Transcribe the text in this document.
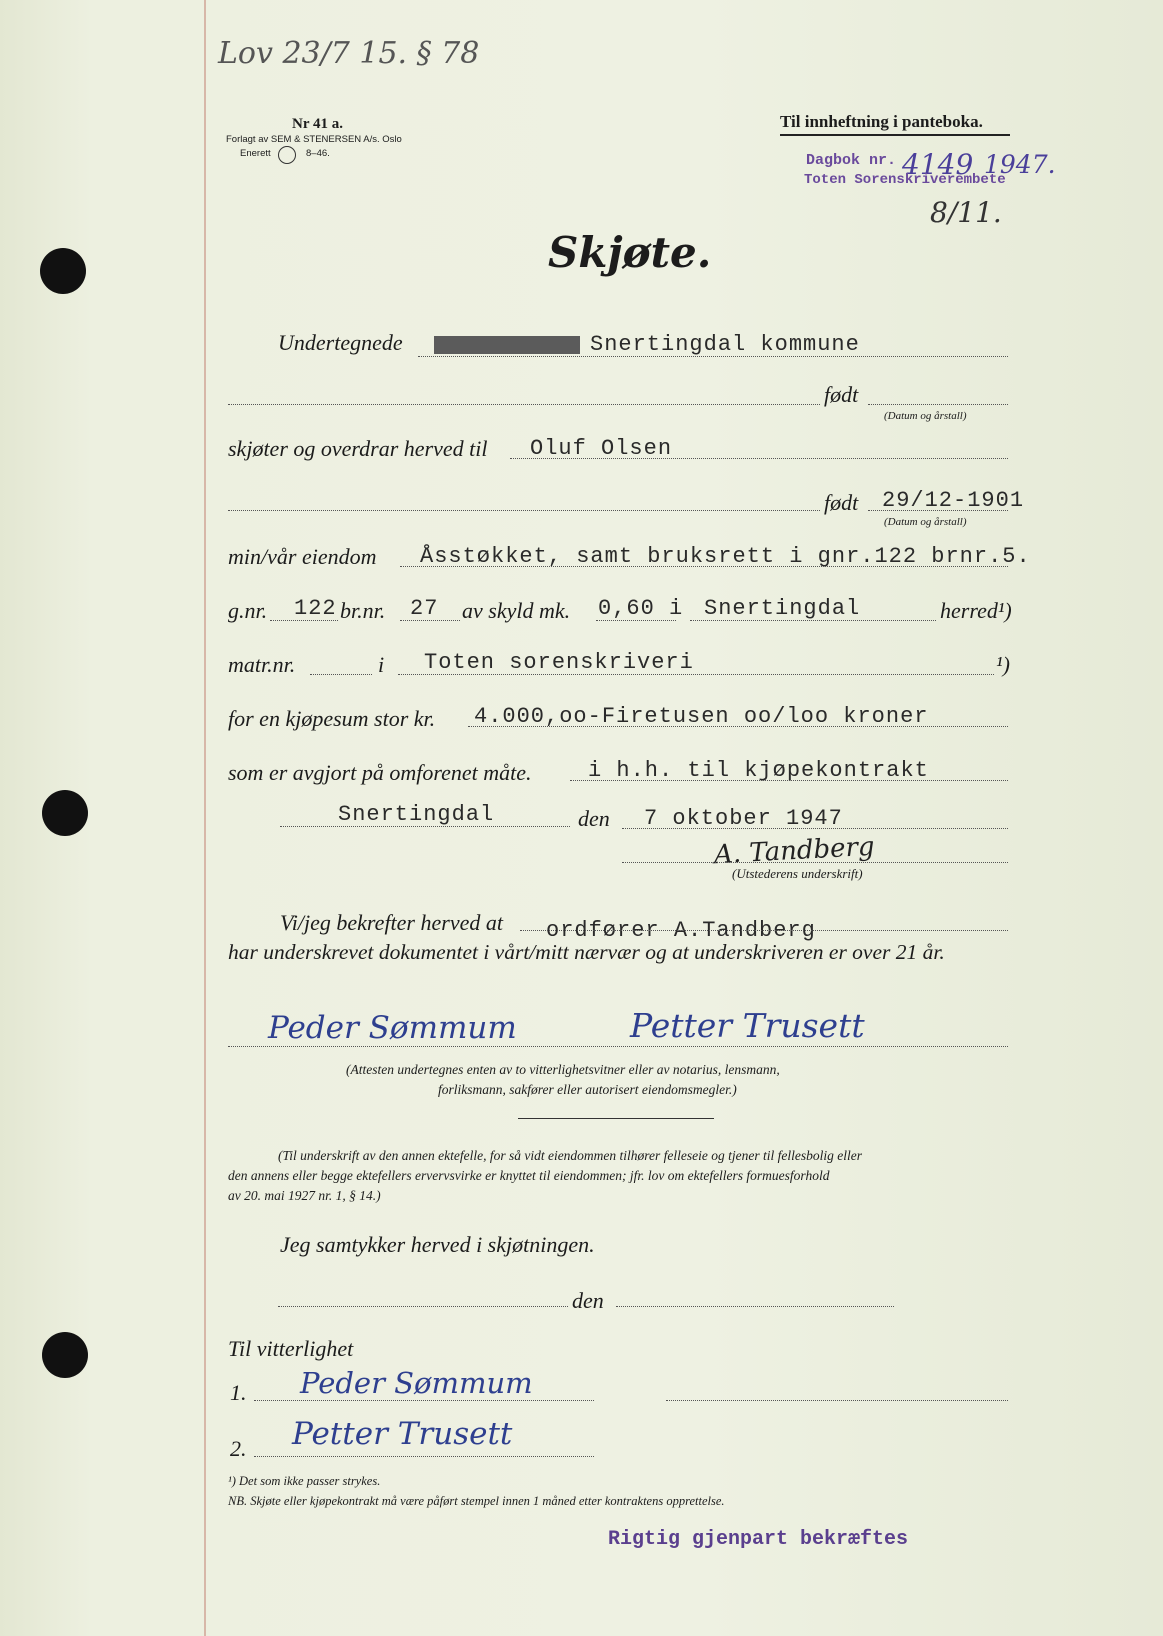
Lov 23/7 15. § 78
Nr 41 a.
Forlagt av SEM & STENERSEN A/s. Oslo
Enerett	8–46.
Til innheftning i panteboka.
Dagbok nr. 4149 1947.
Toten Sorenskriverembete
8/11.
Skjøte.
Undertegnede	Snertingdal kommune
født
(Datum og årstall)
skjøter og overdrar herved til Oluf Olsen
født 29/12-1901
(Datum og årstall)
min/vår eiendom Åsstøkket, samt bruksrett i gnr.122 brnr.5.
g.nr. 122 br.nr. 27 av skyld mk. 0,60 i Snertingdal	herred¹)
matr.nr.	i Toten sorenskriveri	¹)
for en kjøpesum stor kr. 4.000,oo-Firetusen oo/loo kroner
som er avgjort på omforenet måte.	i h.h. til kjøpekontrakt
Snertingdal	den 7 oktober 1947
A. Tandberg
(Utstederens underskrift)
Vi/jeg bekrefter herved at ordfører A.Tandberg
har underskrevet dokumentet i vårt/mitt nærvær og at underskriveren er over 21 år.
Peder Sømmum	Petter Trusett
(Attesten undertegnes enten av to vitterlighetsvitner eller av notarius, lensmann,
forliksmann, sakfører eller autorisert eiendomsmegler.)
(Til underskrift av den annen ektefelle, for så vidt eiendommen tilhører felleseie og tjener til fellesbolig eller
den annens eller begge ektefellers ervervsvirke er knyttet til eiendommen; jfr. lov om ektefellers formuesforhold
av 20. mai 1927 nr. 1, § 14.)
Jeg samtykker herved i skjøtningen.
den
Til vitterlighet
1. Peder Sømmum
2. Petter Trusett
¹) Det som ikke passer strykes.
NB. Skjøte eller kjøpekontrakt må være påført stempel innen 1 måned etter kontraktens opprettelse.
Rigtig gjenpart bekræftes
